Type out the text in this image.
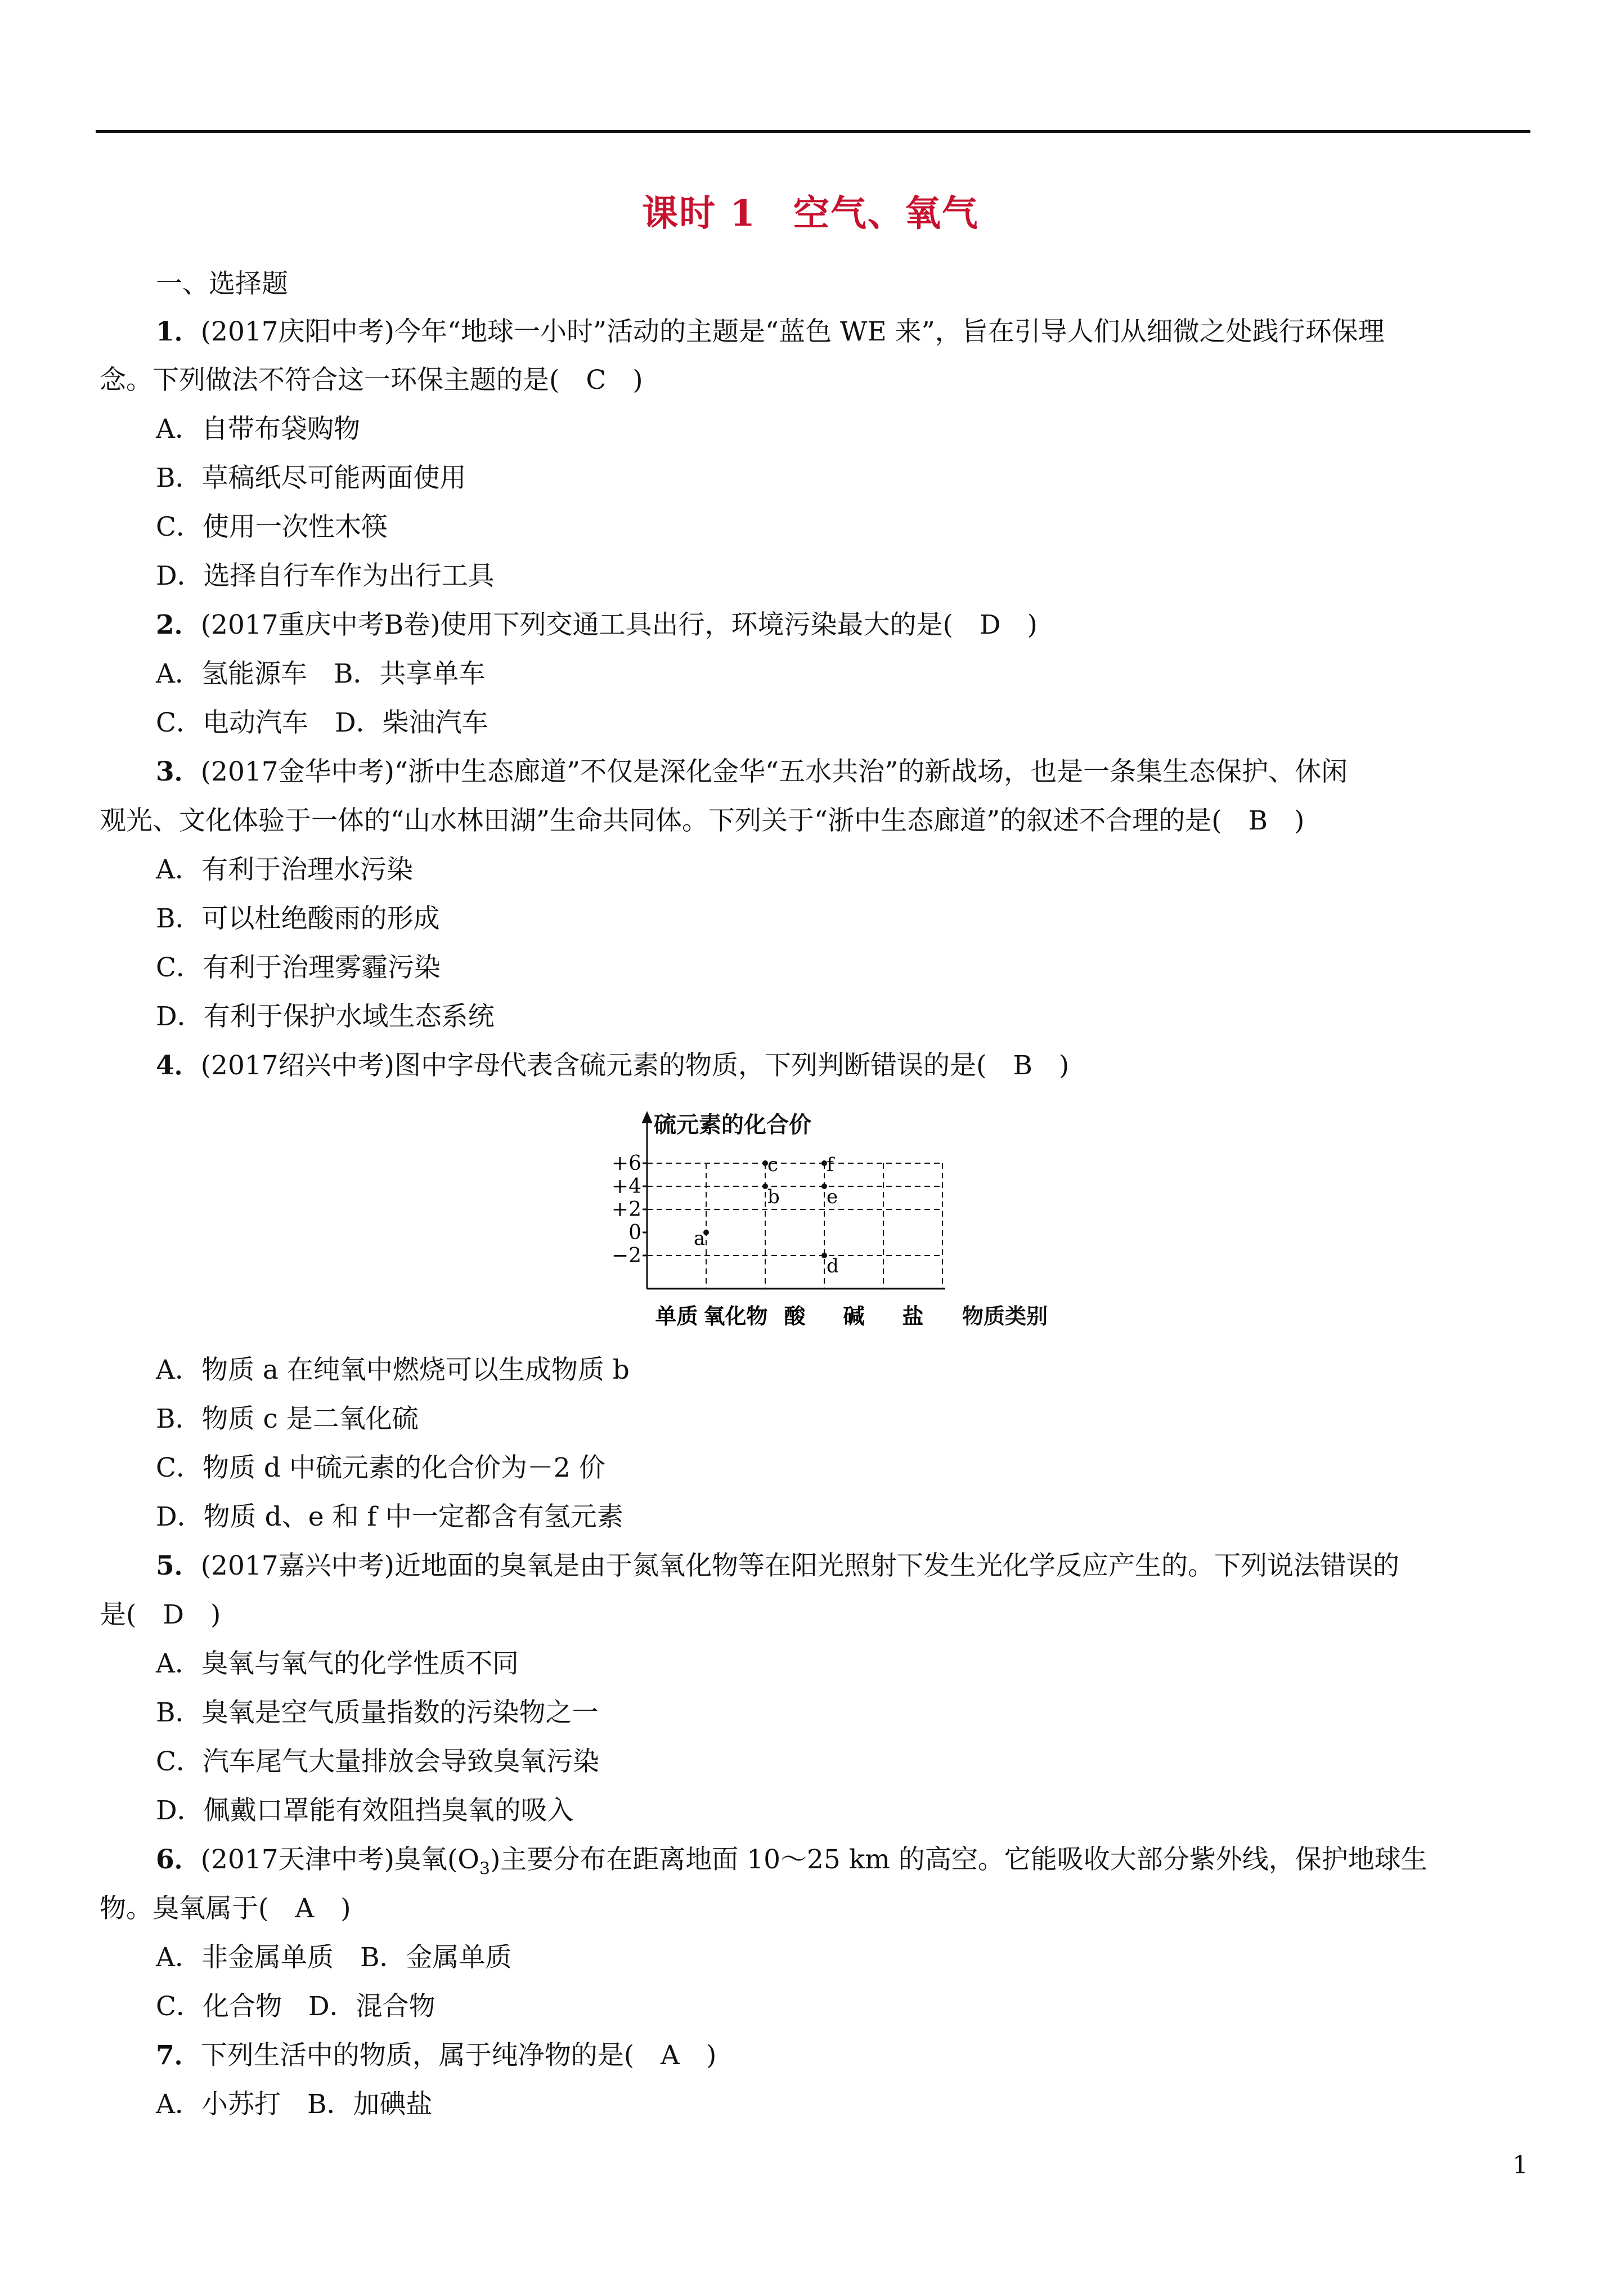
课时 1　空气、氧气
一、选择题
1．(2017庆阳中考)今年“地球一小时”活动的主题是“蓝色 WE 来”，旨在引导人们从细微之处践行环保理
念。下列做法不符合这一环保主题的是(　C　)
A．自带布袋购物
B．草稿纸尽可能两面使用
C．使用一次性木筷
D．选择自行车作为出行工具
2．(2017重庆中考B卷)使用下列交通工具出行，环境污染最大的是(　D　)
A．氢能源车　B．共享单车
C．电动汽车　D．柴油汽车
3．(2017金华中考)“浙中生态廊道”不仅是深化金华“五水共治”的新战场，也是一条集生态保护、休闲
观光、文化体验于一体的“山水林田湖”生命共同体。下列关于“浙中生态廊道”的叙述不合理的是(　B　)
A．有利于治理水污染
B．可以杜绝酸雨的形成
C．有利于治理雾霾污染
D．有利于保护水域生态系统
4．(2017绍兴中考)图中字母代表含硫元素的物质，下列判断错误的是(　B　)
硫元素的化合价
+6
+4
+2
0
−2
单质 氧化物 酸 碱 盐
a
b
c
d
e
f
物质类别
A．物质 a 在纯氧中燃烧可以生成物质 b
B．物质 c 是二氧化硫
C．物质 d 中硫元素的化合价为－2 价
D．物质 d、e 和 f 中一定都含有氢元素
5．(2017嘉兴中考)近地面的臭氧是由于氮氧化物等在阳光照射下发生光化学反应产生的。下列说法错误的
是(　D　)
A．臭氧与氧气的化学性质不同
B．臭氧是空气质量指数的污染物之一
C．汽车尾气大量排放会导致臭氧污染
D．佩戴口罩能有效阻挡臭氧的吸入
6．(2017天津中考)臭氧$(O_3)$主要分布在距离地面 10～25 km 的高空。它能吸收大部分紫外线，保护地球生
物。臭氧属于(　A　)
A．非金属单质　B．金属单质
C．化合物　D．混合物
7．下列生活中的物质，属于纯净物的是(　A　)
A．小苏打　B．加碘盐
1
